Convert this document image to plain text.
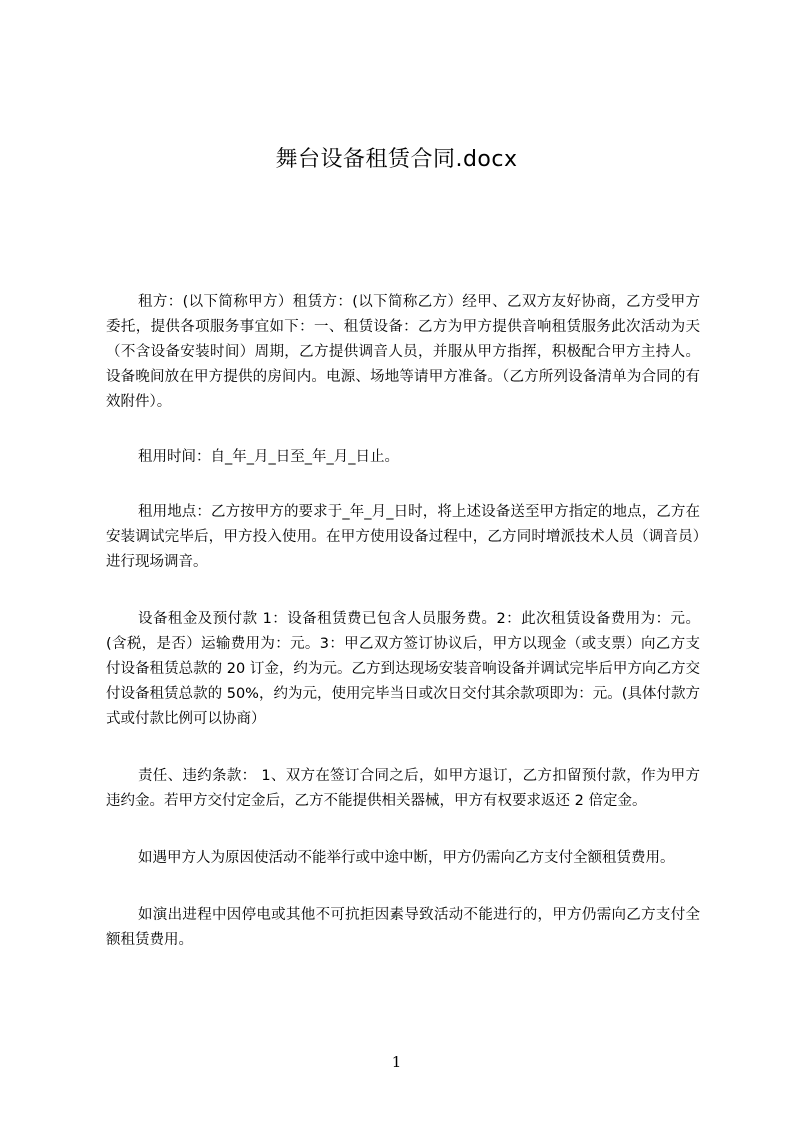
舞台设备租赁合同.docx

租方：(以下简称甲方）租赁方：(以下简称乙方）经甲、乙双方友好协商，乙方受甲方委托，提供各项服务事宜如下：一、租赁设备：乙方为甲方提供音响租赁服务此次活动为天（不含设备安装时间）周期，乙方提供调音人员，并服从甲方指挥，积极配合甲方主持人。设备晚间放在甲方提供的房间内。电源、场地等请甲方准备。（乙方所列设备清单为合同的有效附件）。

租用时间：自_年_月_日至_年_月_日止。

租用地点：乙方按甲方的要求于_年_月_日时，将上述设备送至甲方指定的地点，乙方在安装调试完毕后，甲方投入使用。在甲方使用设备过程中，乙方同时增派技术人员（调音员）进行现场调音。

设备租金及预付款 1：设备租赁费已包含人员服务费。2：此次租赁设备费用为：元。(含税，是否）运输费用为：元。3：甲乙双方签订协议后，甲方以现金（或支票）向乙方支付设备租赁总款的 20 订金，约为元。乙方到达现场安装音响设备并调试完毕后甲方向乙方交付设备租赁总款的 50%，约为元，使用完毕当日或次日交付其余款项即为：元。(具体付款方式或付款比例可以协商）

责任、违约条款： 1、双方在签订合同之后，如甲方退订，乙方扣留预付款，作为甲方违约金。若甲方交付定金后，乙方不能提供相关器械，甲方有权要求返还 2 倍定金。

如遇甲方人为原因使活动不能举行或中途中断，甲方仍需向乙方支付全额租赁费用。

如演出进程中因停电或其他不可抗拒因素导致活动不能进行的，甲方仍需向乙方支付全额租赁费用。

1
